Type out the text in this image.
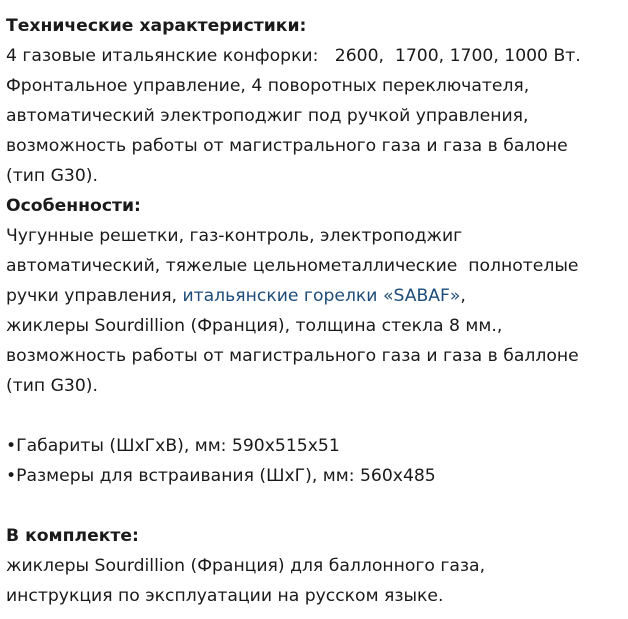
Технические характеристики:
4 газовые итальянские конфорки:   2600,  1700, 1700, 1000 Вт.
Фронтальное управление, 4 поворотных переключателя,
автоматический электроподжиг под ручкой управления,
возможность работы от магистрального газа и газа в балоне
(тип G30).
Особенности:
Чугунные решетки, газ-контроль, электроподжиг
автоматический, тяжелые цельнометаллические  полнотелые
ручки управления, итальянские горелки «SABAF»,
жиклеры Sourdillion (Франция), толщина стекла 8 мм.,
возможность работы от магистрального газа и газа в баллоне
(тип G30).
•Габариты (ШхГхВ), мм: 590х515х51
•Размеры для встраивания (ШхГ), мм: 560х485
В комплекте:
жиклеры Sourdillion (Франция) для баллонного газа,
инструкция по эксплуатации на русском языке.
